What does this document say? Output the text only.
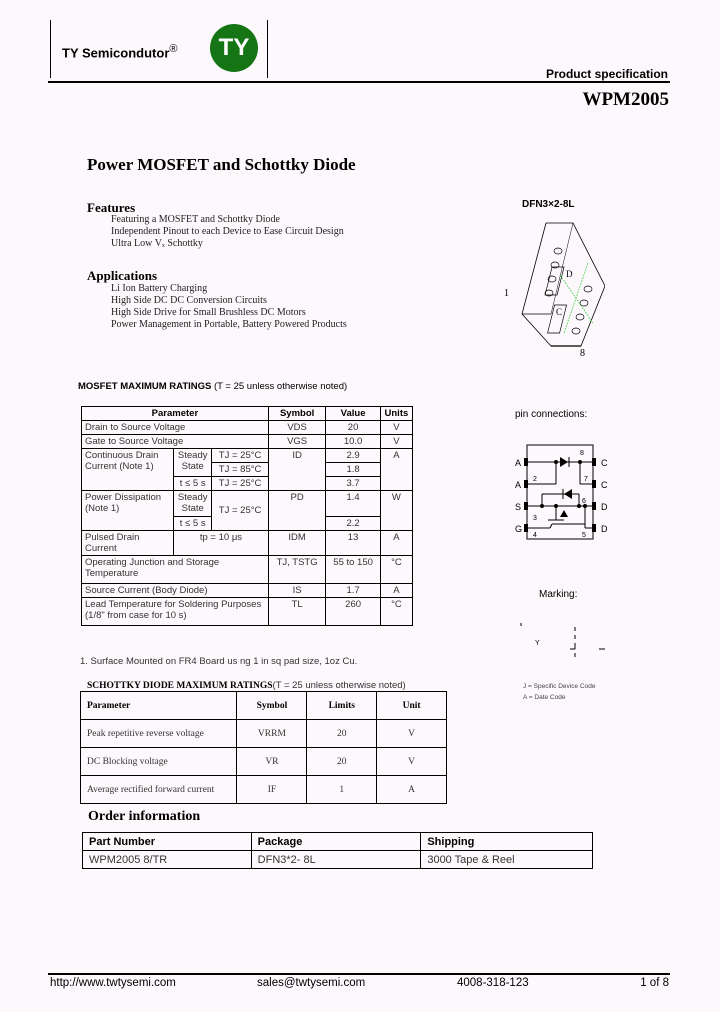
TY Semicondutor® TY
Product specification
WPM2005
Power MOSFET and Schottky Diode
Features
Featuring a MOSFET and Schottky Diode
Independent Pinout to each Device to Ease Circuit Design
Ultra Low Vₓ Schottky
Applications
Li Ion Battery Charging
High Side DC DC Conversion Circuits
High Side Drive for Small Brushless DC Motors
Power Management in Portable, Battery Powered Products
DFN3×2-8L
D
C
1
8
MOSFET MAXIMUM RATINGS (T = 25 unless otherwise noted)
Parameter			Symbol	Value	Units
Drain to Source Voltage			VDS	20	V
Gate to Source Voltage			VGS	10.0	V
Continuous Drain Current (Note 1)	Steady State	TJ = 25°C	ID	2.9	A
		TJ = 85°C		1.8	
	t ≤ 5 s	TJ = 25°C		3.7	
Power Dissipation (Note 1)	Steady State	TJ = 25°C	PD	1.4	W
	t ≤ 5 s			2.2	
Pulsed Drain Current	tp = 10 μs		IDM	13	A
Operating Junction and Storage Temperature			TJ, TSTG	55 to 150	°C
Source Current (Body Diode)			IS	1.7	A
Lead Temperature for Soldering Purposes (1/8" from case for 10 s)			TL	260	°C
1. Surface Mounted on FR4 Board us ng 1 in sq pad size, 1oz Cu.
pin connections:
8
2	7
3
6
4	5
A
A
S
G
C
C
D
D
Marking:
Y
J = Specific Device Code
A = Date Code
SCHOTTKY DIODE MAXIMUM RATINGS(T = 25 unless otherwise noted)
Parameter	Symbol	Limits	Unit
Peak repetitive reverse voltage	VRRM	20	V
DC Blocking voltage	VR	20	V
Average rectified forward current	IF	1	A
Order information
Part Number	Package	Shipping
WPM2005 8/TR	DFN3*2- 8L	3000 Tape & Reel
http://www.twtysemi.com	sales@twtysemi.com	4008-318-123	1 of 8
